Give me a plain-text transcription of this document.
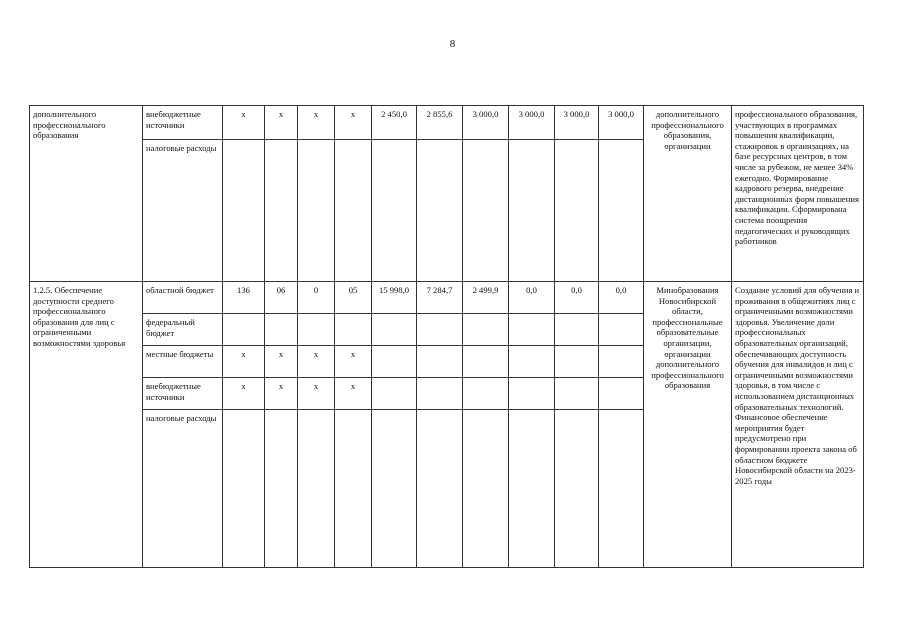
8
дополнительного профессионального образования	внебюджетные источники	х	х	х	х	2 450,0	2 855,6	3 000,0	3 000,0	3 000,0	3 000,0	дополнительного профессионального образования, организации	профессионального образования, участвующих в программах повышения квалификации, стажировок в организациях, на базе ресурсных центров, в том числе за рубежом, не менее 34% ежегодно. Формирование кадрового резерва, внедрение дистанционных форм повышения квалификации. Сформирована система поощрения педагогических и руководящих работников
	налоговые расходы												
1.2.5. Обеспечение доступности среднего профессионального образования для лиц с ограниченными возможностями здоровья	областной бюджет	136	06	0	05	15 998,0	7 284,7	2 499,9	0,0	0,0	0,0	Минобразования Новосибирской области, профессиональные образовательные организации, организации дополнительного профессионального образования	Создание условий для обучения и проживания в общежитиях лиц с ограниченными возможностями здоровья. Увеличение доли профессиональных образовательных организаций, обеспечивающих доступность обучения для инвалидов и лиц с ограниченными возможностями здоровья, в том числе с использованием дистанционных образовательных технологий. Финансовое обеспечение мероприятия будет предусмотрено при формировании проекта закона об областном бюджете Новосибирской области на 2023-2025 годы
	федеральный бюджет												
	местные бюджеты	х	х	х	х								
	внебюджетные источники	х	х	х	х								
	налоговые расходы												
